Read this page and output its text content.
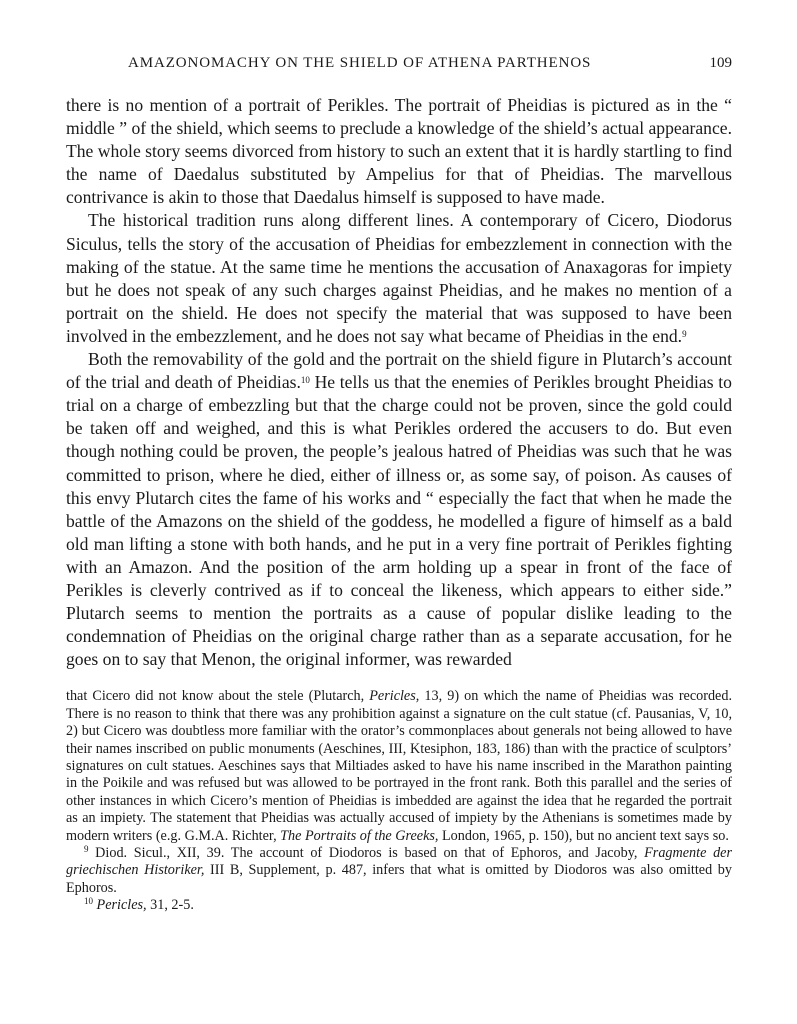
AMAZONOMACHY ON THE SHIELD OF ATHENA PARTHENOS	109

there is no mention of a portrait of Perikles. The portrait of Pheidias is pictured as in the “ middle ” of the shield, which seems to preclude a knowledge of the shield’s actual appearance. The whole story seems divorced from history to such an extent that it is hardly startling to find the name of Daedalus substituted by Ampelius for that of Pheidias. The marvellous contrivance is akin to those that Daedalus himself is supposed to have made.

The historical tradition runs along different lines. A contemporary of Cicero, Diodorus Siculus, tells the story of the accusation of Pheidias for embezzlement in connection with the making of the statue. At the same time he mentions the accusation of Anaxagoras for impiety but he does not speak of any such charges against Pheidias, and he makes no mention of a portrait on the shield. He does not specify the material that was supposed to have been involved in the embezzlement, and he does not say what became of Pheidias in the end.$^9$

Both the removability of the gold and the portrait on the shield figure in Plutarch’s account of the trial and death of Pheidias.$^{10}$ He tells us that the enemies of Perikles brought Pheidias to trial on a charge of embezzling but that the charge could not be proven, since the gold could be taken off and weighed, and this is what Perikles ordered the accusers to do. But even though nothing could be proven, the people’s jealous hatred of Pheidias was such that he was committed to prison, where he died, either of illness or, as some say, of poison. As causes of this envy Plutarch cites the fame of his works and “ especially the fact that when he made the battle of the Amazons on the shield of the goddess, he modelled a figure of himself as a bald old man lifting a stone with both hands, and he put in a very fine portrait of Perikles fighting with an Amazon. And the position of the arm holding up a spear in front of the face of Perikles is cleverly contrived as if to conceal the likeness, which appears to either side.” Plutarch seems to mention the portraits as a cause of popular dislike leading to the condemnation of Pheidias on the original charge rather than as a separate accusation, for he goes on to say that Menon, the original informer, was rewarded

that Cicero did not know about the stele (Plutarch, Pericles, 13, 9) on which the name of Pheidias was recorded. There is no reason to think that there was any prohibition against a signature on the cult statue (cf. Pausanias, V, 10, 2) but Cicero was doubtless more familiar with the orator’s commonplaces about generals not being allowed to have their names inscribed on public monuments (Aeschines, III, Ktesiphon, 183, 186) than with the practice of sculptors’ signatures on cult statues. Aeschines says that Miltiades asked to have his name inscribed in the Marathon painting in the Poikile and was refused but was allowed to be portrayed in the front rank. Both this parallel and the series of other instances in which Cicero’s mention of Pheidias is imbedded are against the idea that he regarded the portrait as an impiety. The statement that Pheidias was actually accused of impiety by the Athenians is sometimes made by modern writers (e.g. G.M.A. Richter, The Portraits of the Greeks, London, 1965, p. 150), but no ancient text says so.

$^9$ Diod. Sicul., XII, 39. The account of Diodoros is based on that of Ephoros, and Jacoby, Fragmente der griechischen Historiker, III B, Supplement, p. 487, infers that what is omitted by Diodoros was also omitted by Ephoros.

$^{10}$ Pericles, 31, 2-5.
